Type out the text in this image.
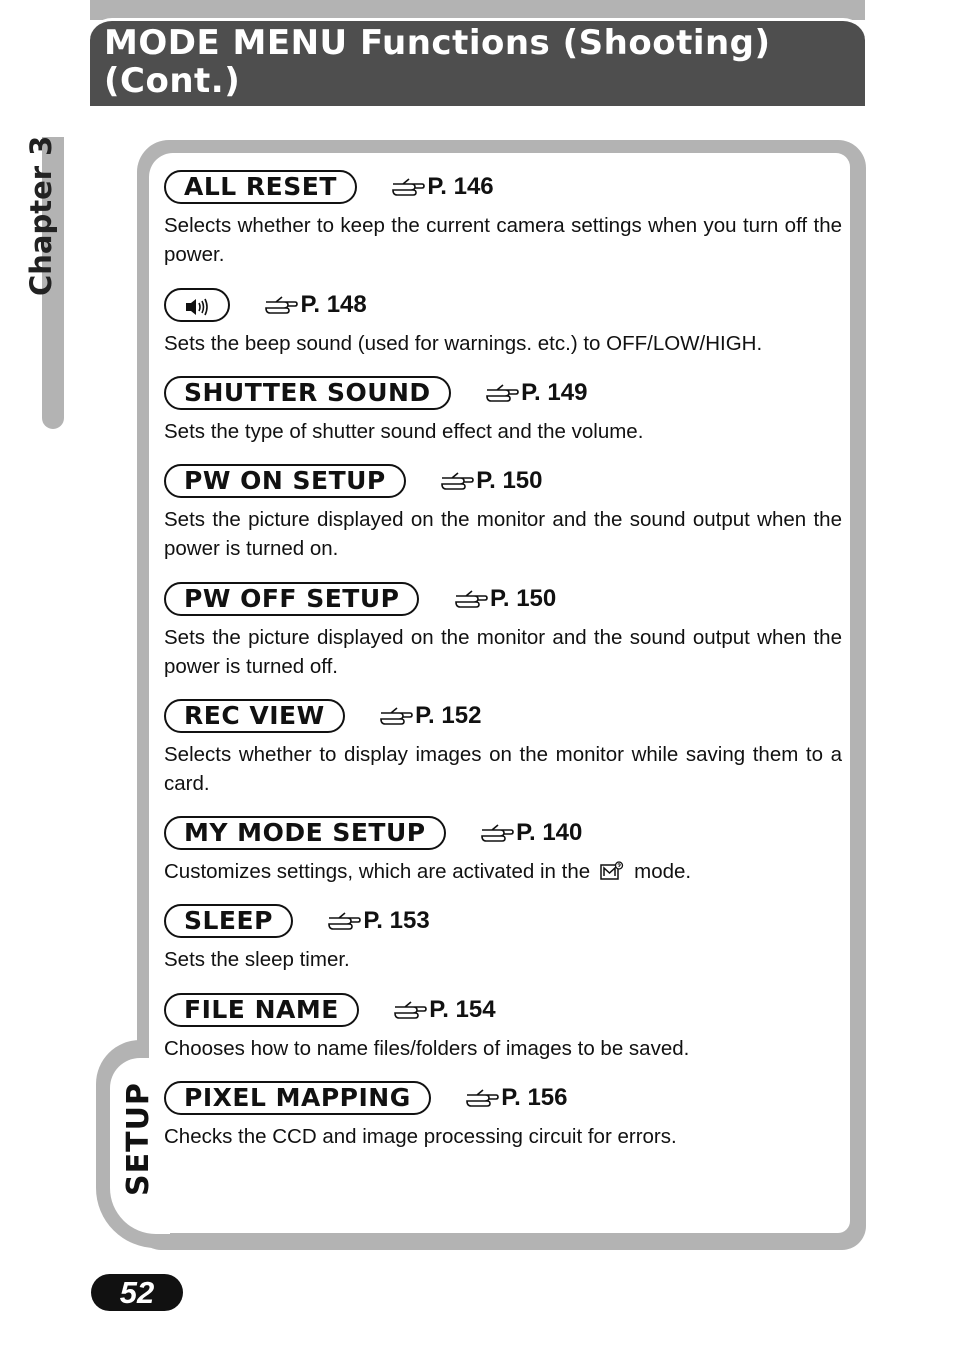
MODE MENU Functions (Shooting) (Cont.)
Chapter 3
SETUP
ALL RESET	P. 146

Selects whether to keep the current camera settings when you turn off the power.

P. 148

Sets the beep sound (used for warnings. etc.) to OFF/LOW/HIGH.

SHUTTER SOUND	P. 149

Sets the type of shutter sound effect and the volume.

PW ON SETUP	P. 150

Sets the picture displayed on the monitor and the sound output when the power is turned on.

PW OFF SETUP	P. 150

Sets the picture displayed on the monitor and the sound output when the power is turned off.

REC VIEW	P. 152

Selects whether to display images on the monitor while saving them to a card.

MY MODE SETUP	P. 140

Customizes settings, which are activated in the mode.

SLEEP	P. 153

Sets the sleep timer.

FILE NAME	P. 154

Chooses how to name files/folders of images to be saved.

PIXEL MAPPING	P. 156

Checks the CCD and image processing circuit for errors.

52
